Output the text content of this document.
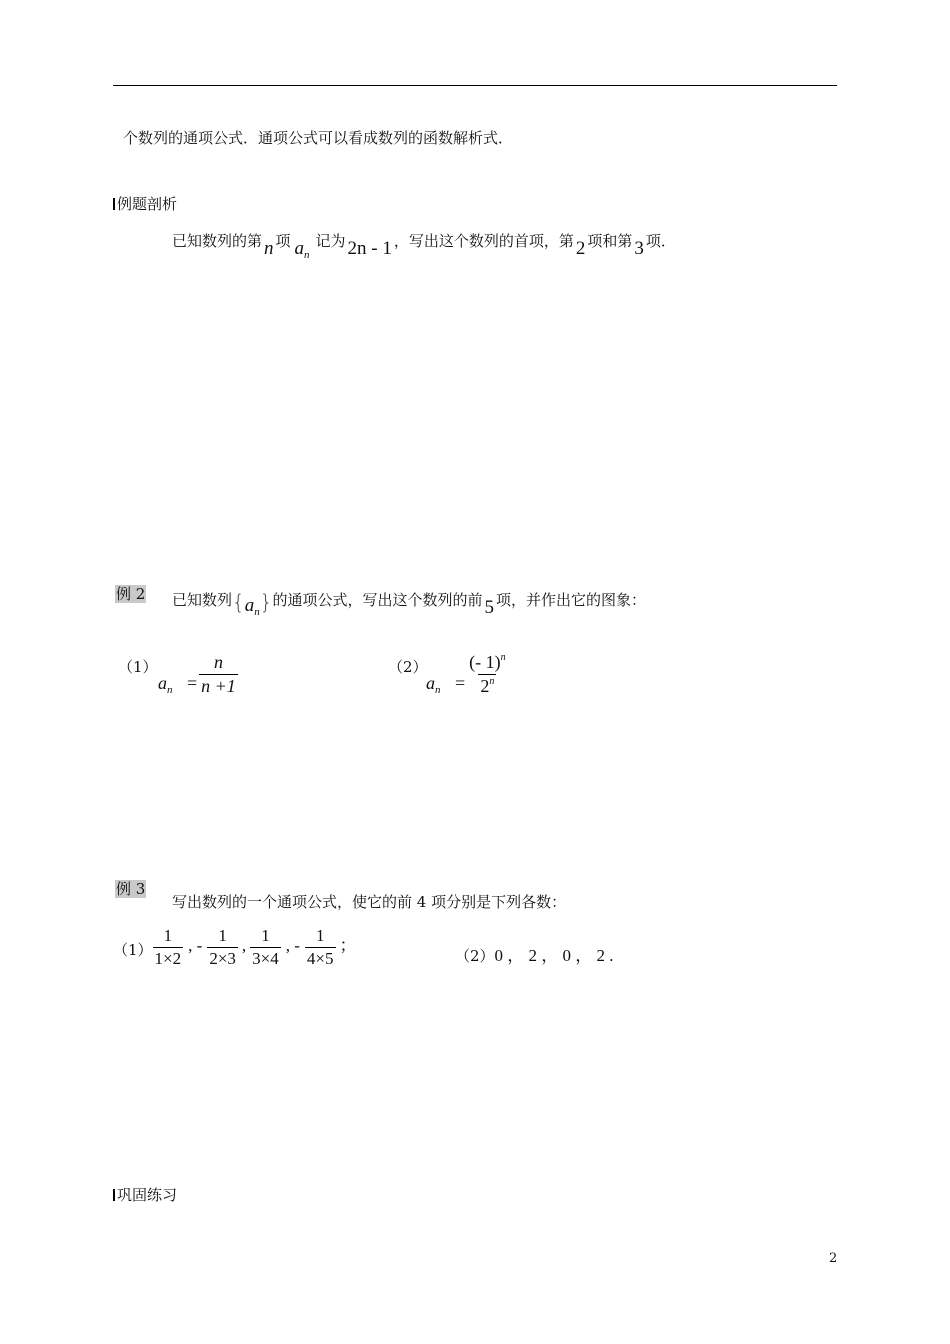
个数列的通项公式．通项公式可以看成数列的函数解析式．
例题剖析
已知数列的第 n 项 $a_n$记为 2n - 1 ，写出这个数列的首项，第 2 项和第 3 项．
例 2 已知数列$\{a_n\}$的通项公式，写出这个数列的前 5 项，并作出它的图象：
（1）
$a_n = \frac{n}{n +1}$	（2）
$a_n = \frac{(- 1)^n}{2^n}$
例 3
写出数列的一个通项公式，使它的前 4 项分别是下列各数：
$(1) \frac{1}{1\times 2}$ , - $\frac{1}{2\times 3}$ , $\frac{1}{3\times 4}$ , - $\frac{1}{4\times 5}$ ；
（2）0 ， 2 ， 0 ， 2 .
巩固练习
2
